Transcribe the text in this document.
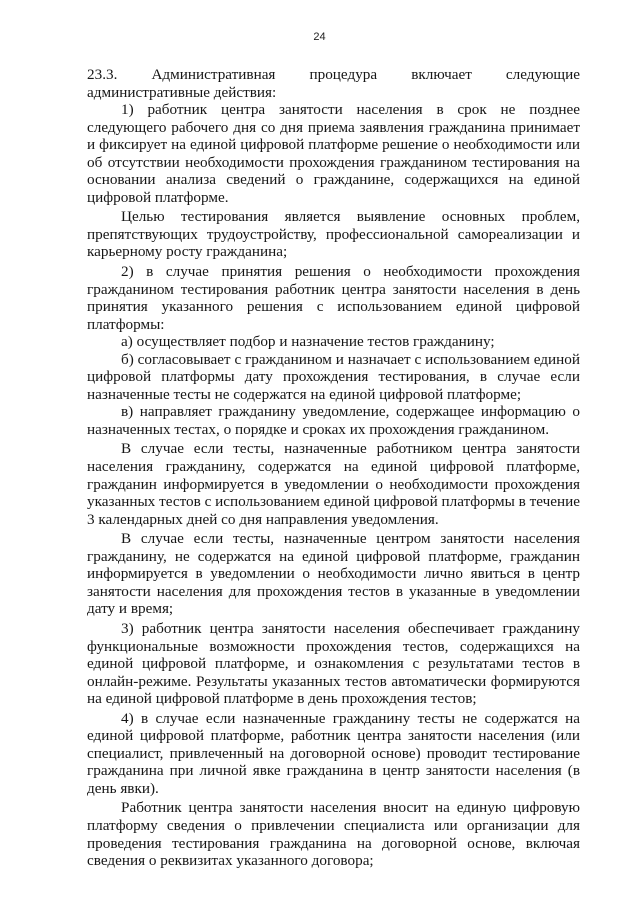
24
23.3. Административная процедура включает следующие

административные действия:

1) работник центра занятости населения в срок не позднее следующего рабочего дня со дня приема заявления гражданина принимает и фиксирует на единой цифровой платформе решение о необходимости или об отсутствии необходимости прохождения гражданином тестирования на основании анализа сведений о гражданине, содержащихся на единой цифровой платформе.

Целью тестирования является выявление основных проблем, препятствующих трудоустройству, профессиональной самореализации и карьерному росту гражданина;

2) в случае принятия решения о необходимости прохождения гражданином тестирования работник центра занятости населения в день принятия указанного решения с использованием единой цифровой платформы:

а) осуществляет подбор и назначение тестов гражданину;

б) согласовывает с гражданином и назначает с использованием единой цифровой платформы дату прохождения тестирования, в случае если назначенные тесты не содержатся на единой цифровой платформе;

в) направляет гражданину уведомление, содержащее информацию о назначенных тестах, о порядке и сроках их прохождения гражданином.

В случае если тесты, назначенные работником центра занятости населения гражданину, содержатся на единой цифровой платформе, гражданин информируется в уведомлении о необходимости прохождения указанных тестов с использованием единой цифровой платформы в течение 3 календарных дней со дня направления уведомления.

В случае если тесты, назначенные центром занятости населения гражданину, не содержатся на единой цифровой платформе, гражданин информируется в уведомлении о необходимости лично явиться в центр занятости населения для прохождения тестов в указанные в уведомлении дату и время;

3) работник центра занятости населения обеспечивает гражданину функциональные возможности прохождения тестов, содержащихся на единой цифровой платформе, и ознакомления с результатами тестов в онлайн-режиме. Результаты указанных тестов автоматически формируются на единой цифровой платформе в день прохождения тестов;

4) в случае если назначенные гражданину тесты не содержатся на единой цифровой платформе, работник центра занятости населения (или специалист, привлеченный на договорной основе) проводит тестирование гражданина при личной явке гражданина в центр занятости населения (в день явки).

Работник центра занятости населения вносит на единую цифровую платформу сведения о привлечении специалиста или организации для проведения тестирования гражданина на договорной основе, включая сведения о реквизитах указанного договора;
